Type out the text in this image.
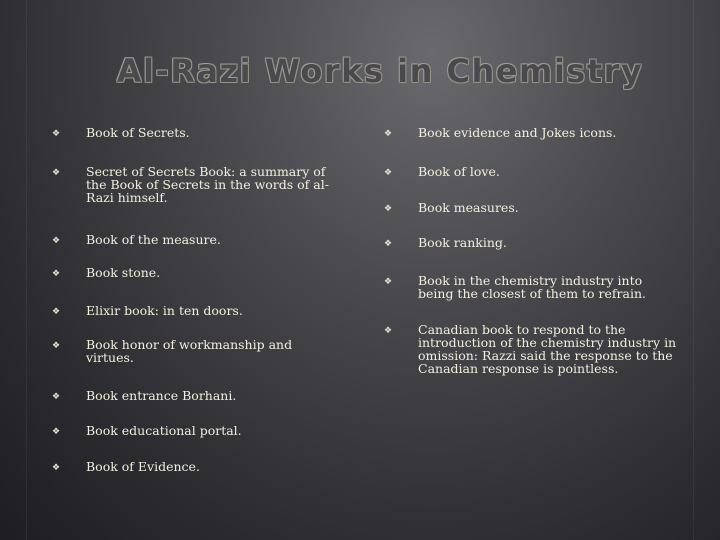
Al-Razi Works in Chemistry
❖ Book of Secrets.
❖ Secret of Secrets Book: a summary of the Book of Secrets in the words of al-Razi himself.
❖ Book of the measure.
❖ Book stone.
❖ Elixir book: in ten doors.
❖ Book honor of workmanship and virtues.
❖ Book entrance Borhani.
❖ Book educational portal.
❖ Book of Evidence.
❖ Book evidence and Jokes icons.
❖ Book of love.
❖ Book measures.
❖ Book ranking.
❖ Book in the chemistry industry into being the closest of them to refrain.
❖ Canadian book to respond to the introduction of the chemistry industry in omission: Razzi said the response to the Canadian response is pointless.
